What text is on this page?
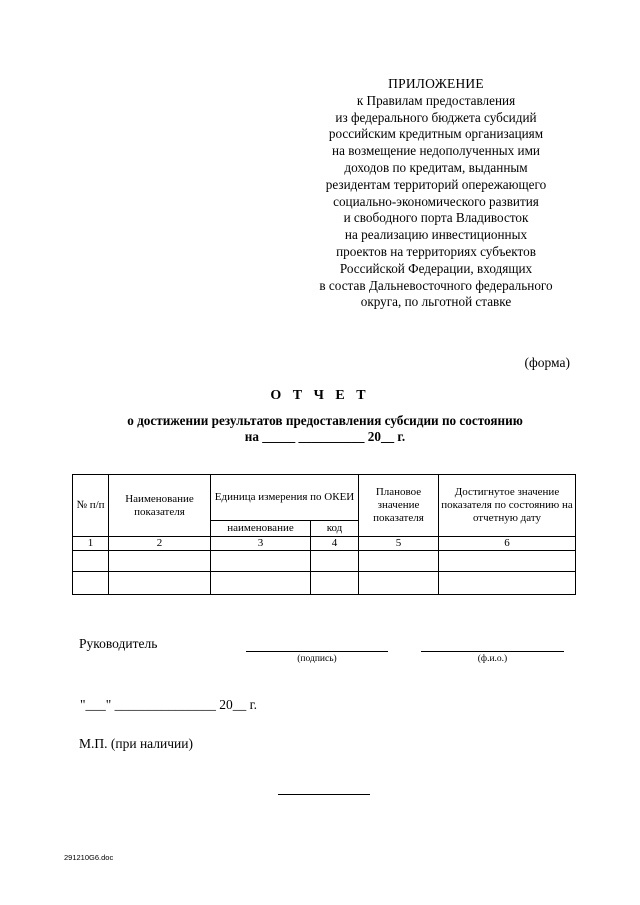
ПРИЛОЖЕНИЕ
к Правилам предоставления
из федерального бюджета субсидий
российским кредитным организациям
на возмещение недополученных ими
доходов по кредитам, выданным
резидентам территорий опережающего
социально-экономического развития
и свободного порта Владивосток
на реализацию инвестиционных
проектов на территориях субъектов
Российской Федерации, входящих
в состав Дальневосточного федерального
округа, по льготной ставке
(форма)
О Т Ч Е Т
о достижении результатов предоставления субсидии по состоянию
на _____ __________ 20__ г.
№ п/п	Наименование показателя	Единица измерения по ОКЕИ		Плановое значение показателя	Достигнутое значение показателя по состоянию на отчетную дату
		наименование	код		
1	2	3	4	5	6

Руководитель
(подпись)	(ф.и.о.)
"___" _______________ 20__ г.
М.П. (при наличии)
291210G6.doc
